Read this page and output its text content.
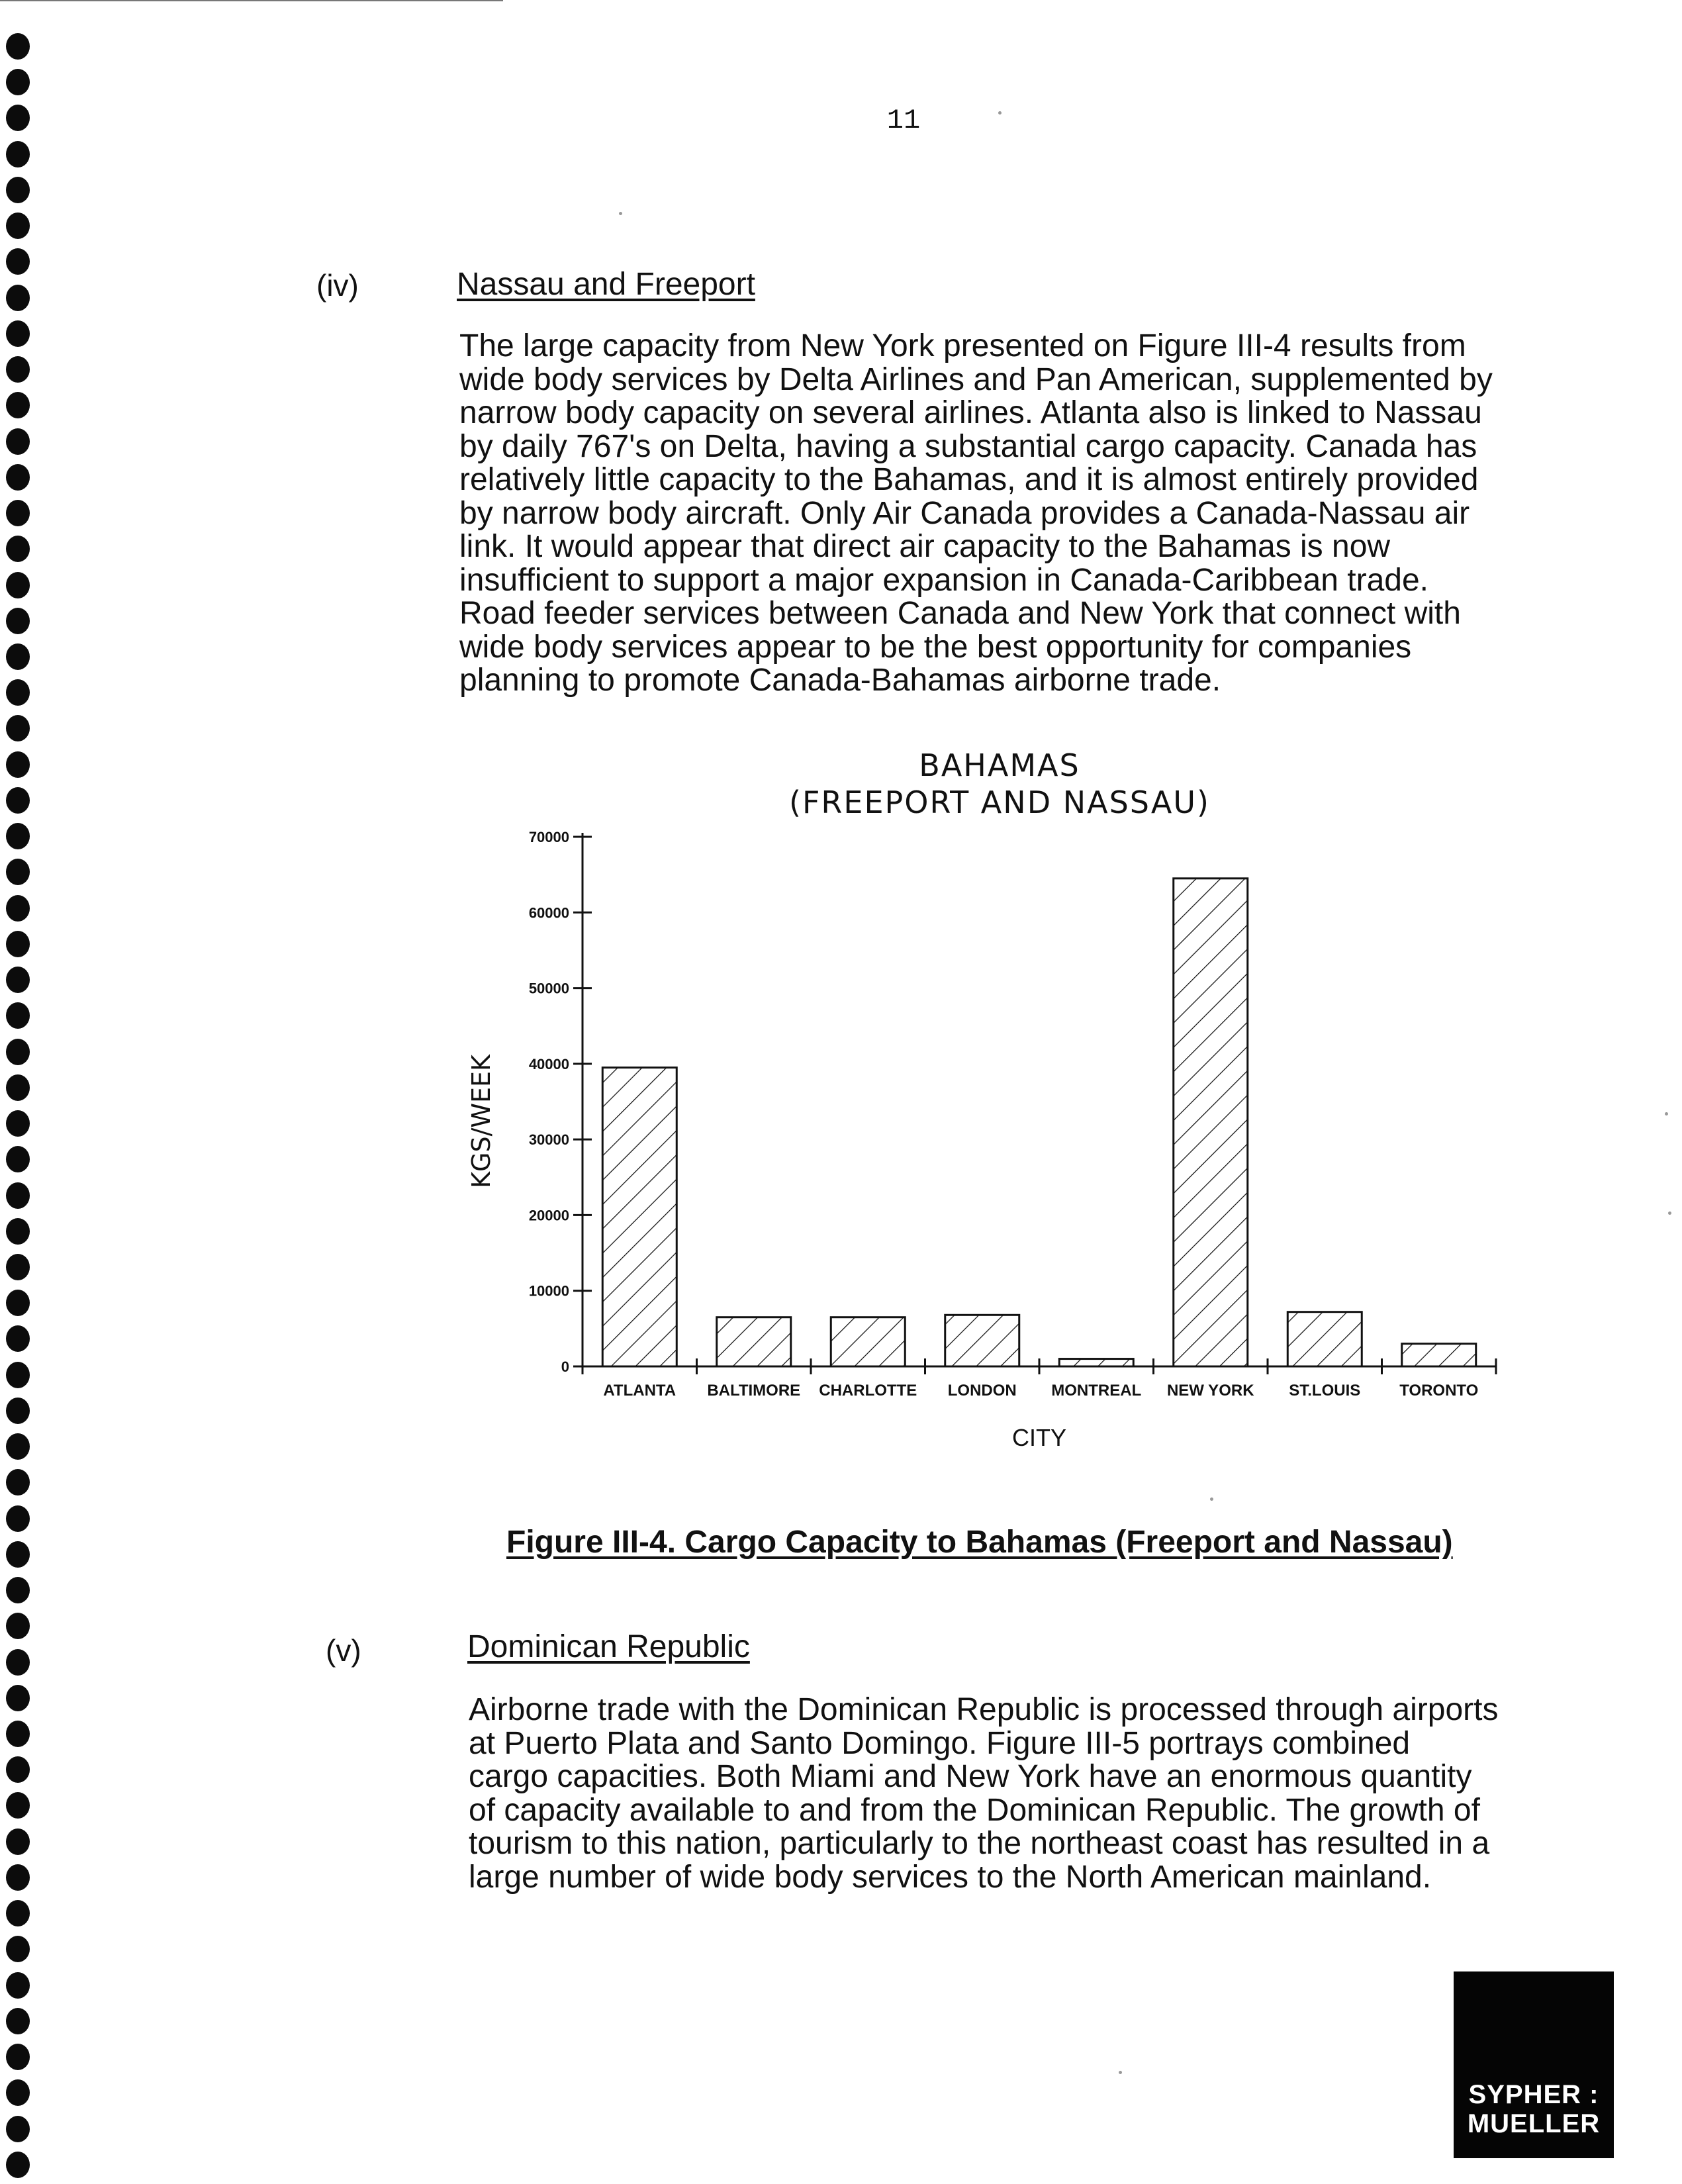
11
(iv)	Nassau and Freeport

The large capacity from New York presented on Figure III-4 results from
wide body services by Delta Airlines and Pan American, supplemented by
narrow body capacity on several airlines. Atlanta also is linked to Nassau
by daily 767's on Delta, having a substantial cargo capacity. Canada has
relatively little capacity to the Bahamas, and it is almost entirely provided
by narrow body aircraft. Only Air Canada provides a Canada-Nassau air
link. It would appear that direct air capacity to the Bahamas is now
insufficient to support a major expansion in Canada-Caribbean trade.
Road feeder services between Canada and New York that connect with
wide body services appear to be the best opportunity for companies
planning to promote Canada-Bahamas airborne trade.

BAHAMAS
(FREEPORT AND NASSAU)
0
10000
20000
30000
40000
50000
60000
70000
ATLANTA BALTIMORE CHARLOTTE LONDON MONTREAL NEW YORK ST.LOUIS TORONTO
CITY
KGS/WEEK
Figure III-4. Cargo Capacity to Bahamas (Freeport and Nassau)
(v)	Dominican Republic

Airborne trade with the Dominican Republic is processed through airports
at Puerto Plata and Santo Domingo. Figure III-5 portrays combined
cargo capacities. Both Miami and New York have an enormous quantity
of capacity available to and from the Dominican Republic. The growth of
tourism to this nation, particularly to the northeast coast has resulted in a
large number of wide body services to the North American mainland.

SYPHER :
MUELLER
